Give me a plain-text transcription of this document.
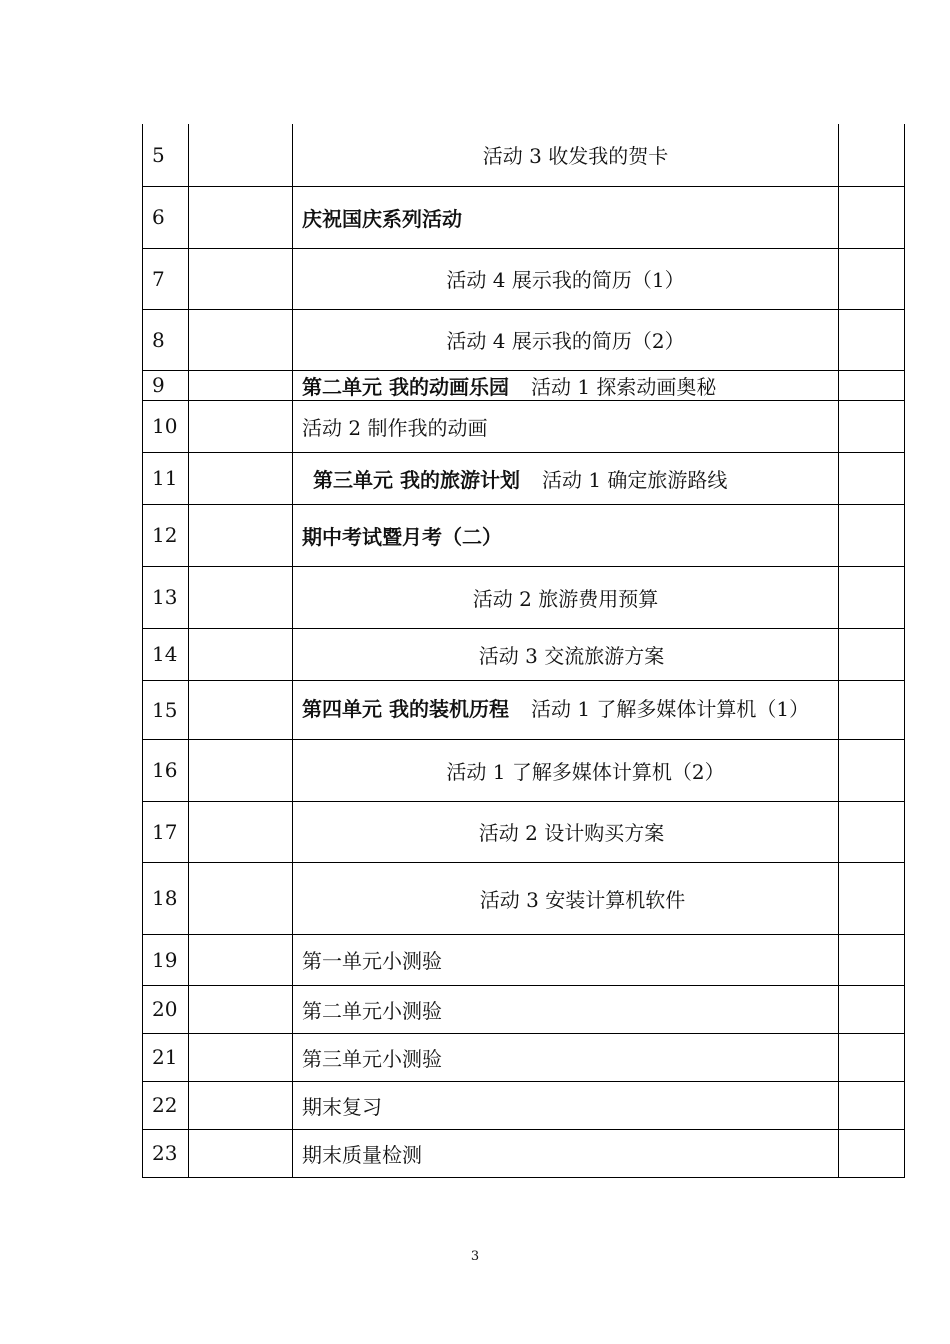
5		活动 3 收发我的贺卡	
6		庆祝国庆系列活动	
7		活动 4 展示我的简历（1）	
8		活动 4 展示我的简历（2）	
9		第二单元 我的动画乐园 活动 1 探索动画奥秘	
10		活动 2 制作我的动画	
11		第三单元 我的旅游计划 活动 1 确定旅游路线	
12		期中考试暨月考（二）	
13		活动 2 旅游费用预算	
14		活动 3 交流旅游方案	
15		第四单元 我的装机历程 活动 1 了解多媒体计算机（1）	
16		活动 1 了解多媒体计算机（2）	
17		活动 2 设计购买方案	
18		活动 3 安装计算机软件	
19		第一单元小测验	
20		第二单元小测验	
21		第三单元小测验	
22		期末复习	
23		期末质量检测	
3
